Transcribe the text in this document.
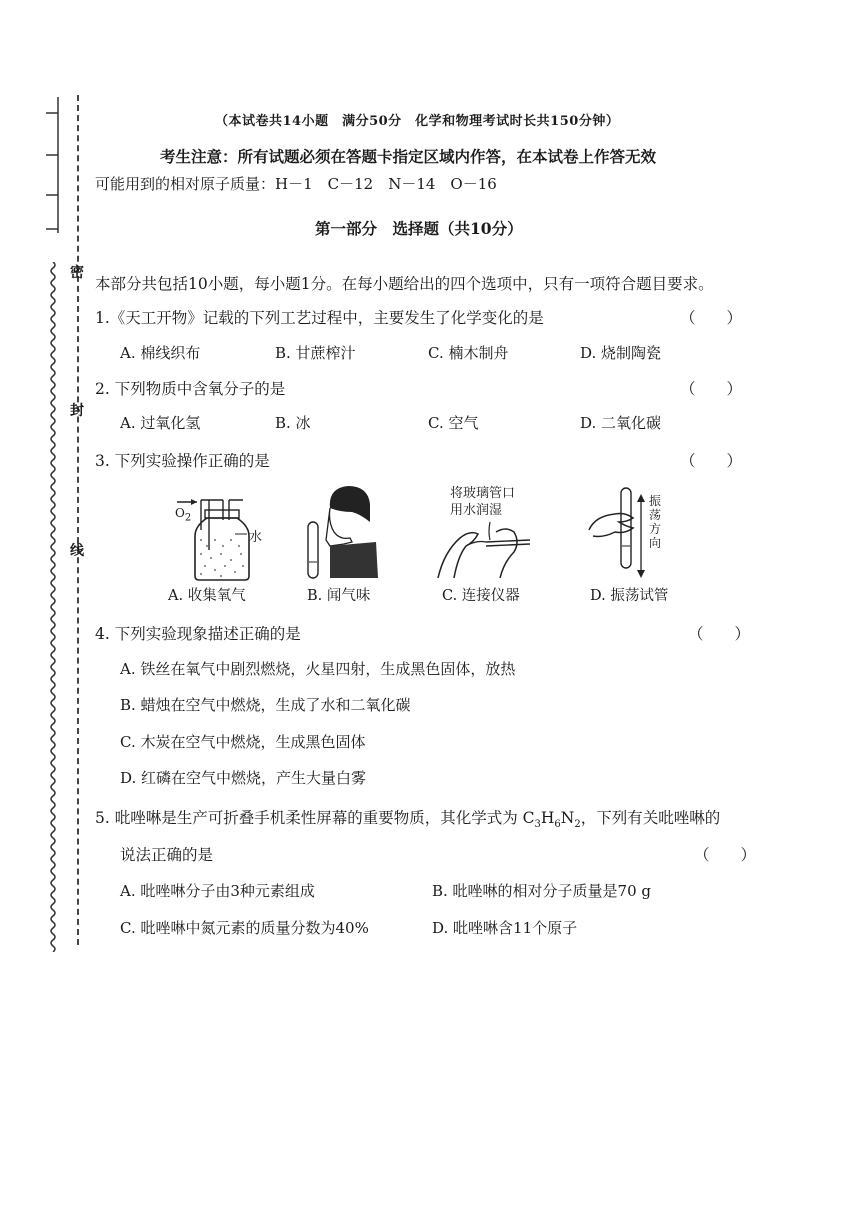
密
封
线
（本试卷共14小题　满分50分　化学和物理考试时长共150分钟）
考生注意：所有试题必须在答题卡指定区域内作答，在本试卷上作答无效
可能用到的相对原子质量：H－1　C－12　N－14　O－16
第一部分　选择题（共10分）
本部分共包括10小题，每小题1分。在每小题给出的四个选项中，只有一项符合题目要求。
1.《天工开物》记载的下列工艺过程中，主要发生了化学变化的是	（　　）
A. 棉线织布	B. 甘蔗榨汁	C. 楠木制舟	D. 烧制陶瓷
2. 下列物质中含氧分子的是	（　　）
A. 过氧化氢	B. 冰	C. 空气	D. 二氧化碳
3. 下列实验操作正确的是	（　　）
$O_2$
水
A. 收集氧气	B. 闻气味
将玻璃管口
用水润湿
C. 连接仪器
振
荡
方
向
D. 振荡试管
4. 下列实验现象描述正确的是	（　　）
A. 铁丝在氧气中剧烈燃烧，火星四射，生成黑色固体，放热
B. 蜡烛在空气中燃烧，生成了水和二氧化碳
C. 木炭在空气中燃烧，生成黑色固体
D. 红磷在空气中燃烧，产生大量白雾
5. 吡唑啉是生产可折叠手机柔性屏幕的重要物质，其化学式为 $C_3H_6N_2$，下列有关吡唑啉的
说法正确的是	（　　）
A. 吡唑啉分子由3种元素组成	B. 吡唑啉的相对分子质量是70 g
C. 吡唑啉中氮元素的质量分数为40%	D. 吡唑啉含11个原子
